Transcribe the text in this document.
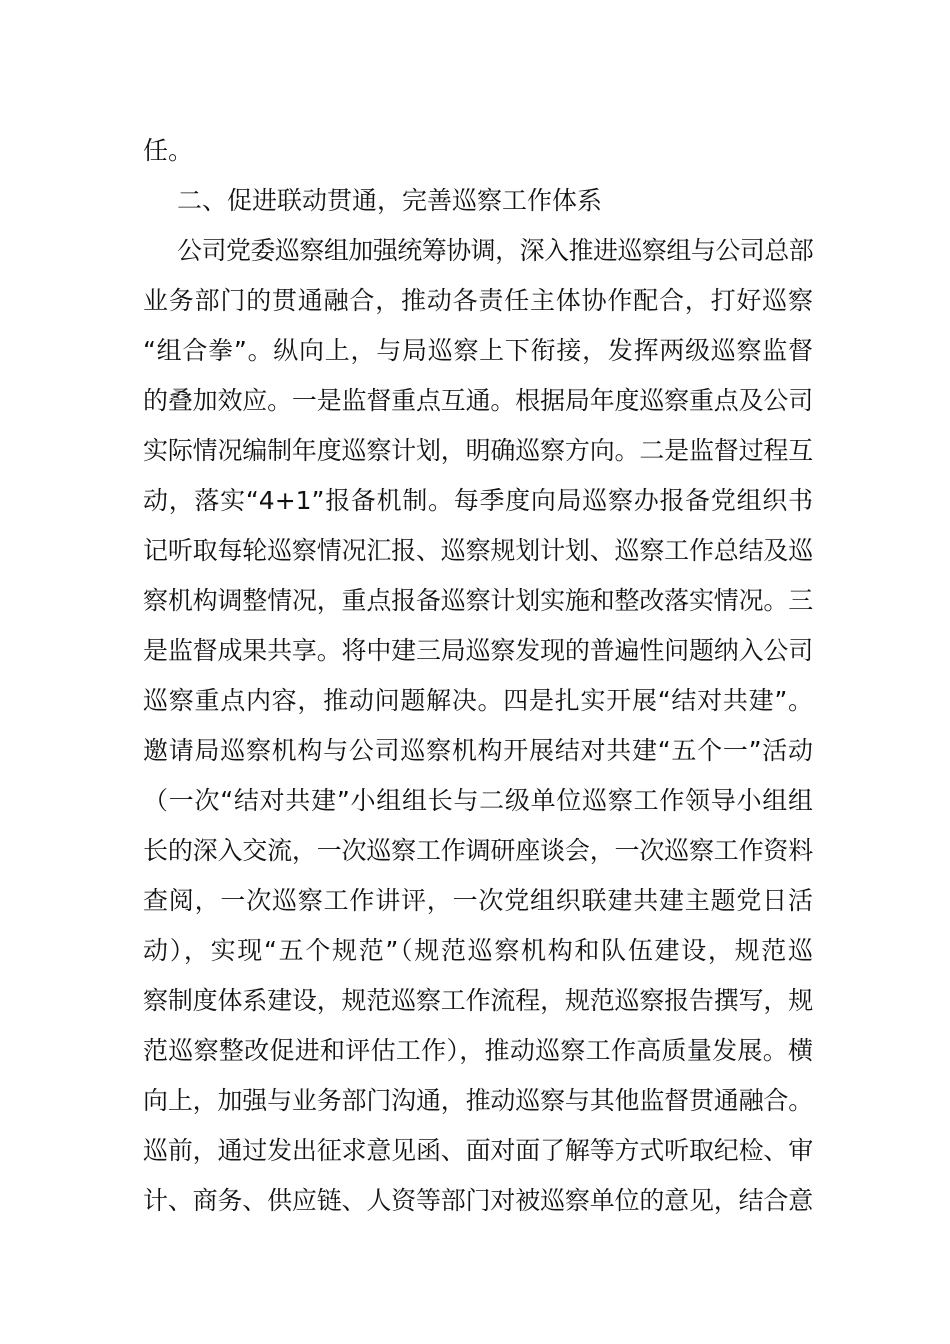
任。
二、促进联动贯通，完善巡察工作体系
公司党委巡察组加强统筹协调，深入推进巡察组与公司总部
业务部门的贯通融合，推动各责任主体协作配合，打好巡察
“组合拳”。纵向上，与局巡察上下衔接，发挥两级巡察监督
的叠加效应。一是监督重点互通。根据局年度巡察重点及公司
实际情况编制年度巡察计划，明确巡察方向。二是监督过程互
动，落实“4+1”报备机制。每季度向局巡察办报备党组织书
记听取每轮巡察情况汇报、巡察规划计划、巡察工作总结及巡
察机构调整情况，重点报备巡察计划实施和整改落实情况。三
是监督成果共享。将中建三局巡察发现的普遍性问题纳入公司
巡察重点内容，推动问题解决。四是扎实开展“结对共建”。
邀请局巡察机构与公司巡察机构开展结对共建“五个一”活动
（一次“结对共建”小组组长与二级单位巡察工作领导小组组
长的深入交流，一次巡察工作调研座谈会，一次巡察工作资料
查阅，一次巡察工作讲评，一次党组织联建共建主题党日活
动），实现“五个规范”（规范巡察机构和队伍建设，规范巡
察制度体系建设，规范巡察工作流程，规范巡察报告撰写，规
范巡察整改促进和评估工作），推动巡察工作高质量发展。横
向上，加强与业务部门沟通，推动巡察与其他监督贯通融合。
巡前，通过发出征求意见函、面对面了解等方式听取纪检、审
计、商务、供应链、人资等部门对被巡察单位的意见，结合意
